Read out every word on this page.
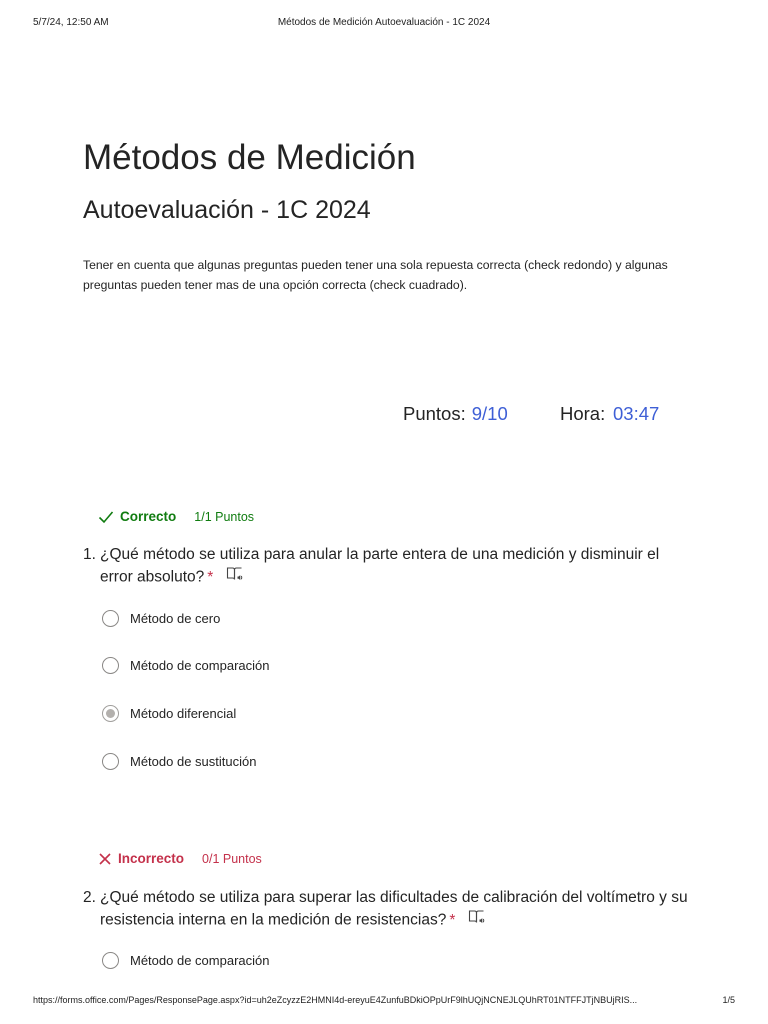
5/7/24, 12:50 AM	Métodos de Medición Autoevaluación - 1C 2024
Métodos de Medición
Autoevaluación - 1C 2024
Tener en cuenta que algunas preguntas pueden tener una sola repuesta correcta (check redondo) y algunas preguntas pueden tener mas de una opción correcta (check cuadrado).
Puntos: 9/10	Hora: 03:47
Correcto 1/1 Puntos
1. ¿Qué método se utiliza para anular la parte entera de una medición y disminuir el error absoluto? *
Método de cero
Método de comparación
Método diferencial
Método de sustitución
Incorrecto 0/1 Puntos
2. ¿Qué método se utiliza para superar las dificultades de calibración del voltímetro y su resistencia interna en la medición de resistencias? *
Método de comparación
https://forms.office.com/Pages/ResponsePage.aspx?id=uh2eZcyzzE2HMNI4d-ereyuE4ZunfuBDkiOPpUrF9lhUQjNCNEJLQUhRT01NTFFJTjNBUjRIS...	1/5
